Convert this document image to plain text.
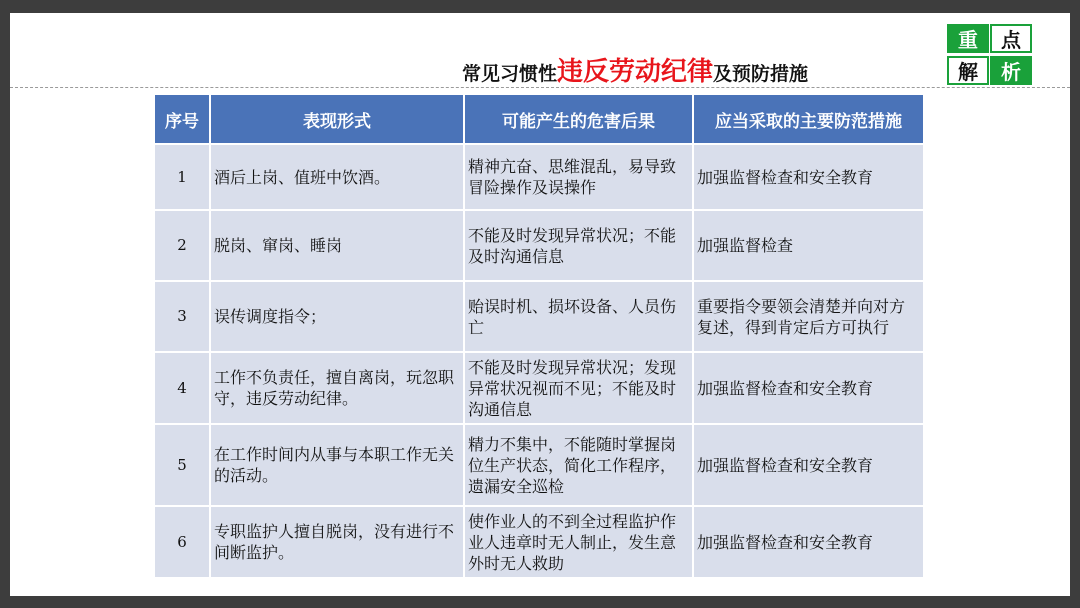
常见习惯性违反劳动纪律及预防措施
重	点
解	析
序号	表现形式	可能产生的危害后果	应当采取的主要防范措施
1	酒后上岗、值班中饮酒。	精神亢奋、思维混乱，易导致冒险操作及误操作	加强监督检查和安全教育
2	脱岗、窜岗、睡岗	不能及时发现异常状况；不能及时沟通信息	加强监督检查
3	误传调度指令；	贻误时机、损坏设备、人员伤亡	重要指令要领会清楚并向对方复述，得到肯定后方可执行
4	工作不负责任，擅自离岗，玩忽职守，违反劳动纪律。	不能及时发现异常状况；发现异常状况视而不见；不能及时沟通信息	加强监督检查和安全教育
5	在工作时间内从事与本职工作无关的活动。	精力不集中，不能随时掌握岗位生产状态，简化工作程序，遗漏安全巡检	加强监督检查和安全教育
6	专职监护人擅自脱岗，没有进行不间断监护。	使作业人的不到全过程监护作业人违章时无人制止，发生意外时无人救助	加强监督检查和安全教育
